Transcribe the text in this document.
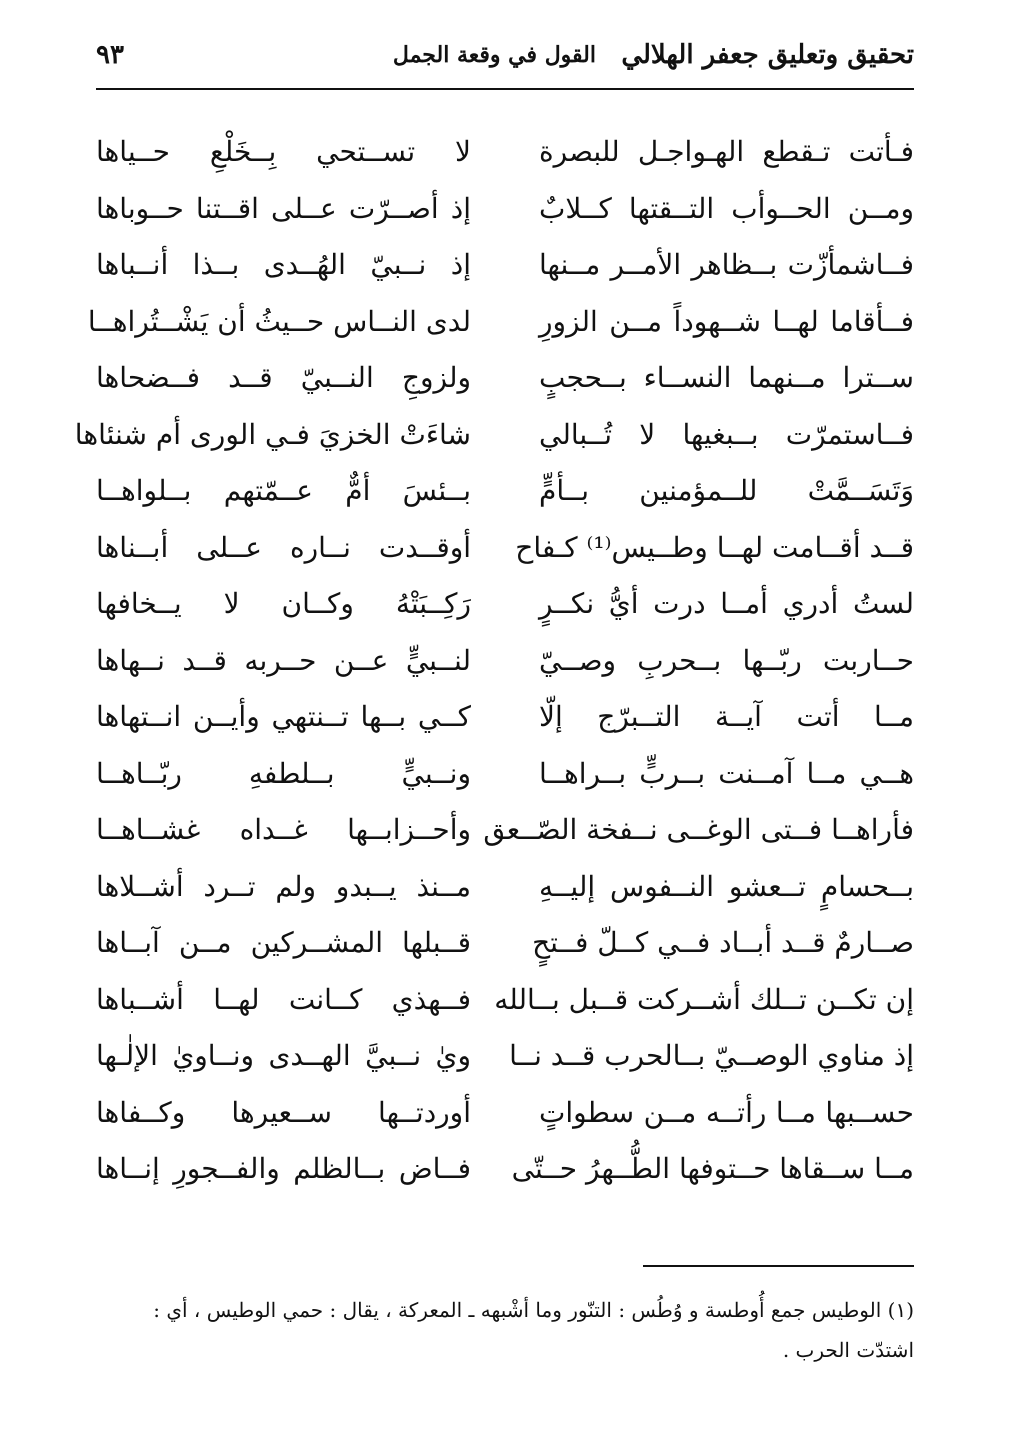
تحقيق وتعليق جعفر الهلالي
القول في وقعة الجمل
٩٣
فـأتت تـقطع الهـواجـل للبصرة
لا تســتحي بِــخَلْعِ حــياها
ومــن الحــوأب التــقتها كــلابٌ
إذ أصــرّت عــلى اقــتنا حــوباها
فــاشمأزّت بــظاهر الأمــر مــنها
إذ نــبيّ الهُــدى بــذا أنــباها
فــأقاما لهــا شــهوداً مــن الزورِ
لدى النــاس حــيثُ أن يَشْــتُراهــا
ســترا مــنهما النســاء بــحجبٍ
ولزوجِ النــبيّ قــد فــضحاها
فــاستمرّت بــبغيها لا تُــبالي
شاءَتْ الخزيَ فـي الورى أم شنئاها
وَتَسَــمَّتْ للــمؤمنين بــأمٍّ
بــئسَ أمٌّ عــمّتهم بــلواهــا
قــد أقــامت لهــا وطــيس⁽¹⁾ كـفاح
أوقــدت نــاره عــلى أبــناها
لستُ أدري أمــا درت أيُّ نكــرٍ
رَكِــبَتْهُ وكــان لا يــخافها
حــاربت ربّــها بــحربِ وصــيّ
لنــبيٍّ عــن حــربه قــد نــهاها
مــا أتت آيــة التــبرّج إلّا
كــي بــها تــنتهي وأيــن انــتهاها
هــي مــا آمــنت بــربٍّ بــراهــا
ونــبيٍّ بــلطفهِ ربّــاهــا
فأراهــا فــتى الوغــى نــفخة الصّــعق
وأحــزابــها غــداه غشــاهــا
بــحسامٍ تــعشو النــفوس إليــهِ
مــنذ يــبدو ولم تــرد أشــلاها
صــارمٌ قــد أبــاد فــي كــلّ فــتحٍ
قــبلها المشــركين مــن آبــاها
إن تكــن تــلك أشــركت قــبل بــالله
فــهذي كــانت لهــا أشــباها
إذ مناوي الوصــيّ بــالحرب قــد نــا
ويٰ نــبيَّ الهــدى ونــاويٰ الإلٰـها
حســبها مــا رأتــه مــن سطواتٍ
أوردتــها ســعيرها وكــفاها
مــا ســقاها حــتوفها الطُّــهرُ حــتّى
فــاض بــالظلم والفــجورِ إنــاها
(١) الوطيس جمع أُوطسة و وُطُس : التنّور وما أشْبهه ـ المعركة ، يقال : حمي الوطيس ، أي : اشتدّت الحرب .
